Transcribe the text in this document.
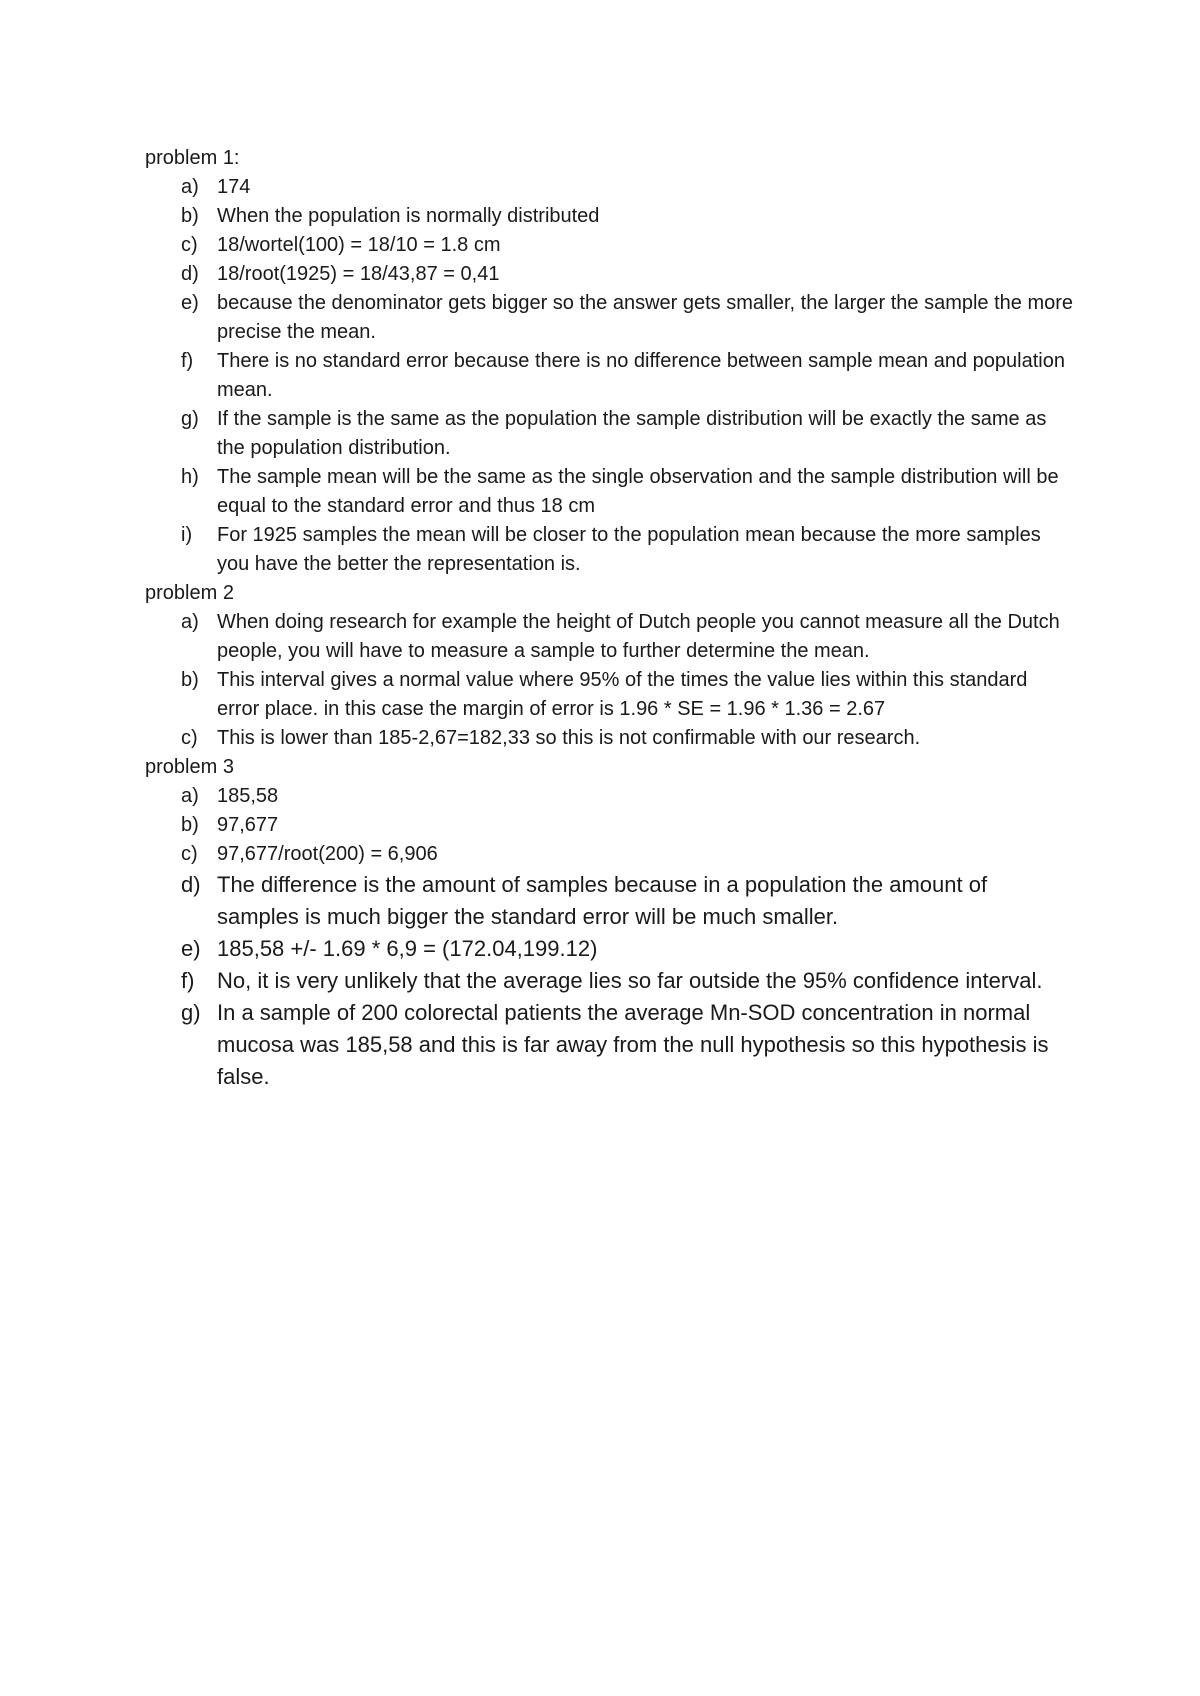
problem 1:

a) 174
b) When the population is normally distributed
c) 18/wortel(100) = 18/10 = 1.8 cm
d) 18/root(1925) = 18/43,87 = 0,41
e) because the denominator gets bigger so the answer gets smaller, the larger the sample the more precise the mean.
f)	There is no standard error because there is no difference between sample mean and population mean.
g) If the sample is the same as the population the sample distribution will be exactly the same as the population distribution.
h) The sample mean will be the same as the single observation and the sample distribution will be equal to the standard error and thus 18 cm
i)	For 1925 samples the mean will be closer to the population mean because the more samples you have the better the representation is.

problem 2

a) When doing research for example the height of Dutch people you cannot measure all the Dutch people, you will have to measure a sample to further determine the mean.
b) This interval gives a normal value where 95% of the times the value lies within this standard error place. in this case the margin of error is 1.96 * SE = 1.96 * 1.36 = 2.67
c) This is lower than 185-2,67=182,33 so this is not confirmable with our research.

problem 3

a) 185,58
b) 97,677
c) 97,677/root(200) = 6,906
d) The difference is the amount of samples because in a population the amount of samples is much bigger the standard error will be much smaller.
e) 185,58 +/- 1.69 * 6,9 = (172.04,199.12)
f)	No, it is very unlikely that the average lies so far outside the 95% confidence interval.
g) In a sample of 200 colorectal patients the average Mn-SOD concentration in normal mucosa was 185,58 and this is far away from the null hypothesis so this hypothesis is false.
